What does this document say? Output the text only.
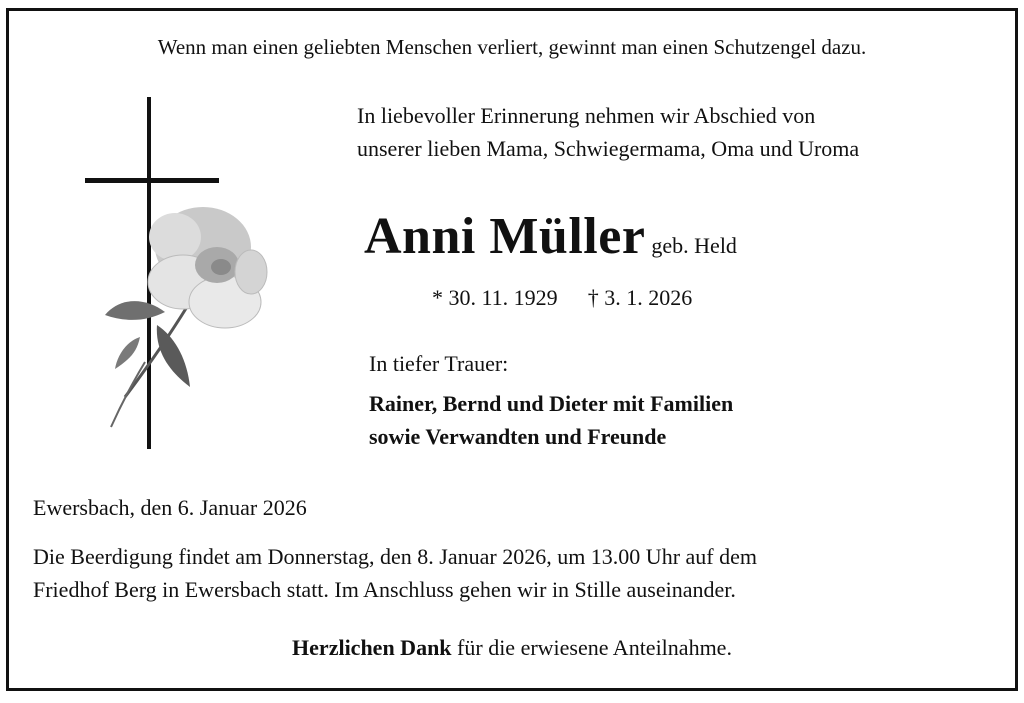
Wenn man einen geliebten Menschen verliert, gewinnt man einen Schutzengel dazu.
In liebevoller Erinnerung nehmen wir Abschied von
unserer lieben Mama, Schwiegermama, Oma und Uroma
Anni Müller geb. Held
* 30. 11. 1929 † 3. 1. 2026
In tiefer Trauer:
Rainer, Bernd und Dieter mit Familien
sowie Verwandten und Freunde
Ewersbach, den 6. Januar 2026
Die Beerdigung findet am Donnerstag, den 8. Januar 2026, um 13.00 Uhr auf dem
Friedhof Berg in Ewersbach statt. Im Anschluss gehen wir in Stille auseinander.
Herzlichen Dank für die erwiesene Anteilnahme.
